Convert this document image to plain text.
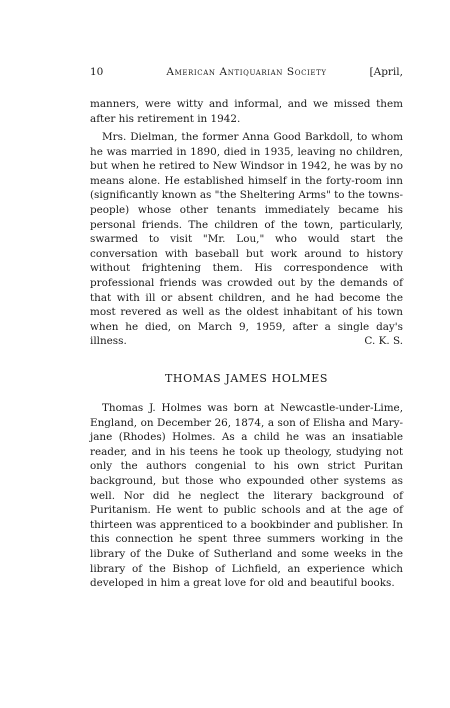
10	American Antiquarian Society	[April,

manners, were witty and informal, and we missed them after his retirement in 1942.

Mrs. Dielman, the former Anna Good Barkdoll, to whom he was married in 1890, died in 1935, leaving no children, but when he retired to New Windsor in 1942, he was by no means alone. He established himself in the forty-room inn (significantly known as "the Sheltering Arms" to the towns-people) whose other tenants immediately became his personal friends. The children of the town, particularly, swarmed to visit "Mr. Lou," who would start the conversation with baseball but work around to history without frightening them. His correspondence with professional friends was crowded out by the demands of that with ill or absent children, and he had become the most revered as well as the oldest inhabitant of his town when he died, on March 9, 1959, after a single day's illness.	C. K. S.

THOMAS JAMES HOLMES

Thomas J. Holmes was born at Newcastle-under-Lime, England, on December 26, 1874, a son of Elisha and Mary-jane (Rhodes) Holmes. As a child he was an insatiable reader, and in his teens he took up theology, studying not only the authors congenial to his own strict Puritan background, but those who expounded other systems as well. Nor did he neglect the literary background of Puritanism. He went to public schools and at the age of thirteen was apprenticed to a bookbinder and publisher. In this connection he spent three summers working in the library of the Duke of Sutherland and some weeks in the library of the Bishop of Lichfield, an experience which developed in him a great love for old and beautiful books.
